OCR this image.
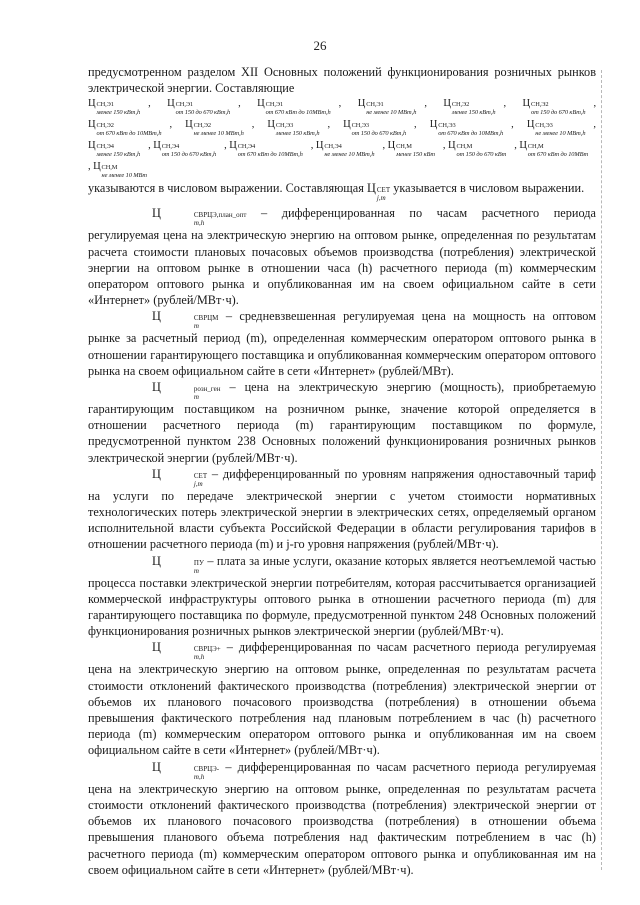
26

предусмотренном разделом XII Основных положений функционирования розничных рынков электрической энергии. Составляющие

Ц СН,Э1
менее 150 кВт,h
, Ц СН,Э1
от 150 до 670 кВт,h
, Ц СН,Э1
от 670 кВт до 10МВт,h
, Ц СН,Э1
не менее 10 МВт,h
, Ц СН,Э2
менее 150 кВт,h
, Ц СН,Э2
от 150 до 670 кВт,h
, Ц СН,Э2
от 670 кВт до 10МВт,h
, Ц СН,Э2
не менее 10 МВт,h
, Ц СН,Э3
менее 150 кВт,h
, Ц СН,Э3
от 150 до 670 кВт,h
, Ц СН,Э3
от 670 кВт до 10МВт,h
, Ц СН,Э3
не менее 10 МВт,h
, Ц СН,Э4
менее 150 кВт,h
, Ц СН,Э4
от 150 до 670 кВт,h
, Ц СН,Э4
от 670 кВт до 10МВт,h
, Ц СН,Э4
не менее 10 МВт,h
, Ц СН,М
менее 150 кВт
, Ц СН,М
от 150 до 670 кВт
, Ц СН,М
от 670 кВт до 10МВт
, Ц СН,М
не менее 10 МВт

указываются в числовом выражении. Составляющая Ц СЕТ
j,m
указывается в числовом выражении.

Ц	СВРЦЭ,план_опт
m,h
– дифференцированная по часам расчетного периода регулируемая цена на электрическую энергию на оптовом рынке, определенная по результатам расчета стоимости плановых почасовых объемов производства (потребления) электрической энергии на оптовом рынке в отношении часа (h) расчетного периода (m) коммерческим оператором оптового рынка и опубликованная им на своем официальном сайте в сети «Интернет» (рублей/МВт·ч).

Ц	СВРЦМ
m
– средневзвешенная регулируемая цена на мощность на оптовом рынке за расчетный период (m), определенная коммерческим оператором оптового рынка в отношении гарантирующего поставщика и опубликованная коммерческим оператором оптового рынка на своем официальном сайте в сети «Интернет» (рублей/МВт).

Ц	розн_ген
m
– цена на электрическую энергию (мощность), приобретаемую гарантирующим поставщиком на розничном рынке, значение которой определяется в отношении расчетного периода (m) гарантирующим поставщиком по формуле, предусмотренной пунктом 238 Основных положений функционирования розничных рынков электрической энергии (рублей/МВт·ч).

Ц	СЕТ
j,m
– дифференцированный по уровням напряжения одноставочный тариф на услуги по передаче электрической энергии с учетом стоимости нормативных технологических потерь электрической энергии в электрических сетях, определяемый органом исполнительной власти субъекта Российской Федерации в области регулирования тарифов в отношении расчетного периода (m) и j-го уровня напряжения (рублей/МВт·ч).

Ц	ПУ
m
– плата за иные услуги, оказание которых является неотъемлемой частью процесса поставки электрической энергии потребителям, которая рассчитывается организацией коммерческой инфраструктуры оптового рынка в отношении расчетного периода (m) для гарантирующего поставщика по формуле, предусмотренной пунктом 248 Основных положений функционирования розничных рынков электрической энергии (рублей/МВт·ч).

Ц	СВРЦЭ+
m,h
– дифференцированная по часам расчетного периода регулируемая цена на электрическую энергию на оптовом рынке, определенная по результатам расчета стоимости отклонений фактического производства (потребления) электрической энергии от объемов их планового почасового производства (потребления) в отношении объема превышения фактического потребления над плановым потреблением в час (h) расчетного периода (m) коммерческим оператором оптового рынка и опубликованная им на своем официальном сайте в сети «Интернет» (рублей/МВт·ч).

Ц	СВРЦЭ-
m,h
– дифференцированная по часам расчетного периода регулируемая цена на электрическую энергию на оптовом рынке, определенная по результатам расчета стоимости отклонений фактического производства (потребления) электрической энергии от объемов их планового почасового производства (потребления) в отношении объема превышения планового объема потребления над фактическим потреблением в час (h) расчетного периода (m) коммерческим оператором оптового рынка и опубликованная им на своем официальном сайте в сети «Интернет» (рублей/МВт·ч).
